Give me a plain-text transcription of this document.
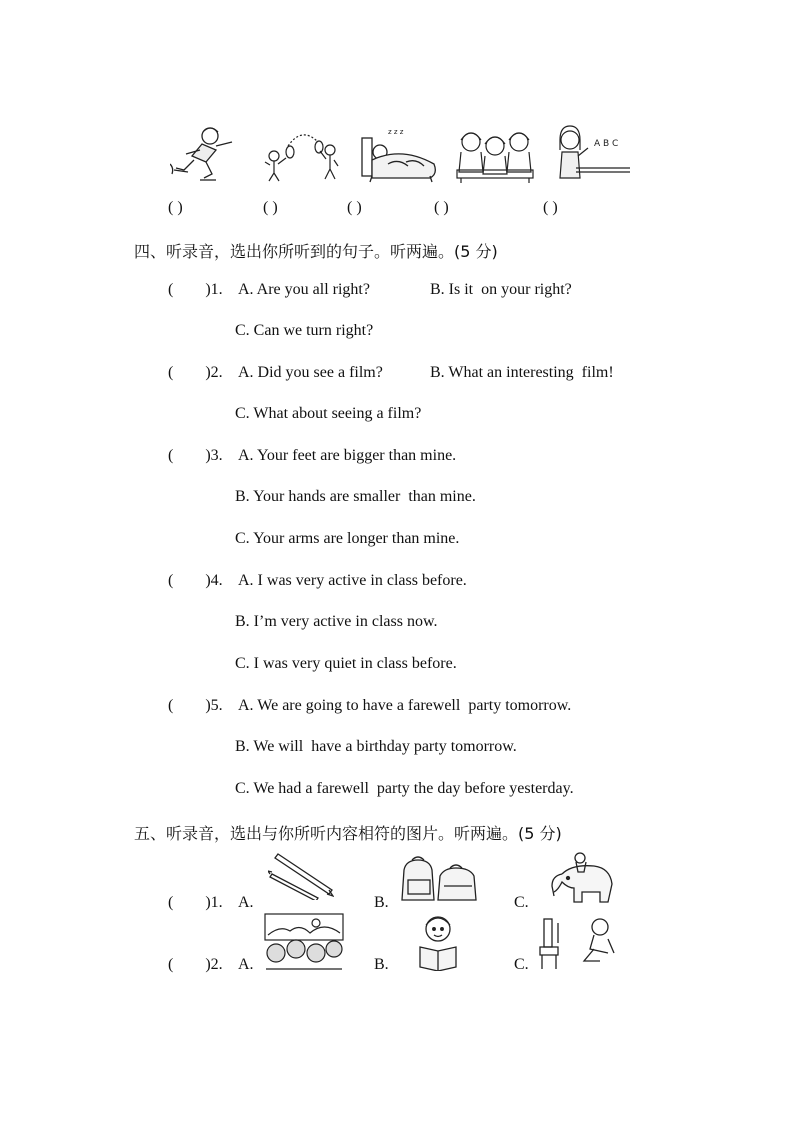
z z z
A B C
( )	( )	( )	( )	( )
四、听录音，选出你所听到的句子。听两遍。(5 分)
(        )1. A. Are you all right?	B. Is it  on your right?
C. Can we turn right?
(        )2. A. Did you see a film?	B. What an interesting  film!
C. What about seeing a film?
(        )3. A. Your feet are bigger than mine.
B. Your hands are smaller  than mine.
C. Your arms are longer than mine.
(        )4. A. I was very active in class before.
B. I’m very active in class now.
C. I was very quiet in class before.
(        )5. A. We are going to have a farewell  party tomorrow.
B. We will  have a birthday party tomorrow.
C. We had a farewell  party the day before yesterday.
五、听录音，选出与你所听内容相符的图片。听两遍。(5 分)
(        )1. A.	B.	C.
(        )2. A.	B.	C.
